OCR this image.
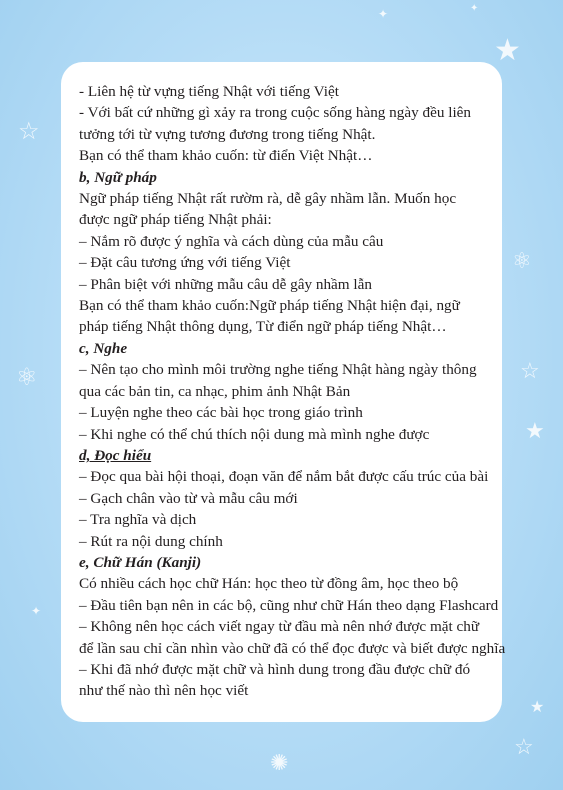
★
✦	✦
☆
⚛
⚛
☆
★
✦
☆
★
✺
- Liên hệ từ vựng tiếng Nhật với tiếng Việt
- Với bất cứ những gì xảy ra trong cuộc sống hàng ngày đều liên
tưởng tới từ vựng tương đương trong tiếng Nhật.
Bạn có thể tham khảo cuốn: từ điển Việt Nhật…
b, Ngữ pháp
Ngữ pháp tiếng Nhật rất rườm rà, dễ gây nhầm lẫn. Muốn học
được ngữ pháp tiếng Nhật phải:
– Nắm rõ được ý nghĩa và cách dùng của mẫu câu
– Đặt câu tương ứng với tiếng Việt
– Phân biệt với những mẫu câu dễ gây nhầm lẫn
Bạn có thể tham khảo cuốn:Ngữ pháp tiếng Nhật hiện đại, ngữ
pháp tiếng Nhật thông dụng, Từ điển ngữ pháp tiếng Nhật…
c, Nghe
– Nên tạo cho mình môi trường nghe tiếng Nhật hàng ngày thông
qua các bản tin, ca nhạc, phim ảnh Nhật Bản
– Luyện nghe theo các bài học trong giáo trình
– Khi nghe có thể chú thích nội dung mà mình nghe được
d, Đọc hiểu
– Đọc qua bài hội thoại, đoạn văn để nắm bắt được cấu trúc của bài
– Gạch chân vào từ và mẫu câu mới
– Tra nghĩa và dịch
– Rút ra nội dung chính
e, Chữ Hán (Kanji)
Có nhiều cách học chữ Hán: học theo từ đồng âm, học theo bộ
– Đầu tiên bạn nên in các bộ, cũng như chữ Hán theo dạng Flashcard
– Không nên học cách viết ngay từ đầu mà nên nhớ được mặt chữ
để lần sau chỉ cần nhìn vào chữ đã có thể đọc được và biết được nghĩa
– Khi đã nhớ được mặt chữ và hình dung trong đầu được chữ đó
như thế nào thì nên học viết
